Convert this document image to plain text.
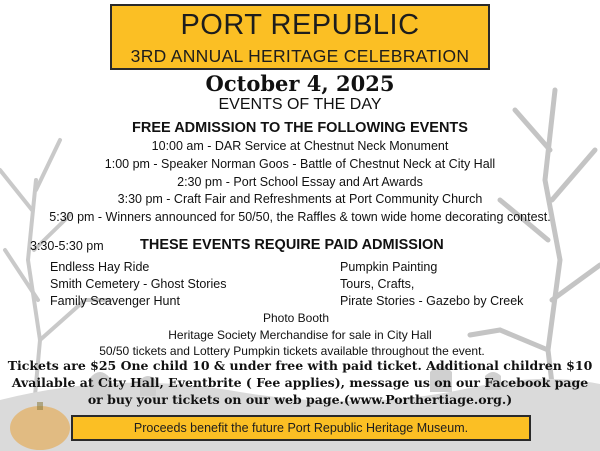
PORT REPUBLIC
3RD ANNUAL HERITAGE CELEBRATION
October 4, 2025
EVENTS OF THE DAY
FREE ADMISSION TO THE FOLLOWING EVENTS
10:00 am - DAR Service at Chestnut Neck Monument
1:00 pm - Speaker Norman Goos - Battle of Chestnut Neck at City Hall
2:30 pm - Port School Essay and Art Awards
3:30 pm - Craft Fair and Refreshments at Port Community Church
5:30 pm - Winners announced for 50/50, the Raffles & town wide home decorating contest.
3:30-5:30 pm	THESE EVENTS REQUIRE PAID ADMISSION
Endless Hay Ride
Smith Cemetery - Ghost Stories
Family Scavenger Hunt
Pumpkin Painting
Tours, Crafts,
Pirate Stories - Gazebo by Creek
Photo Booth
Heritage Society Merchandise for sale in City Hall
50/50 tickets and Lottery Pumpkin tickets available throughout the event.
Tickets are $25 One child 10 & under free with paid ticket. Additional children $10
Available at City Hall, Eventbrite ( Fee applies), message us on our Facebook page
or buy your tickets on our web page.(www.Porthertiage.org.)
Proceeds benefit the future Port Republic Heritage Museum.
